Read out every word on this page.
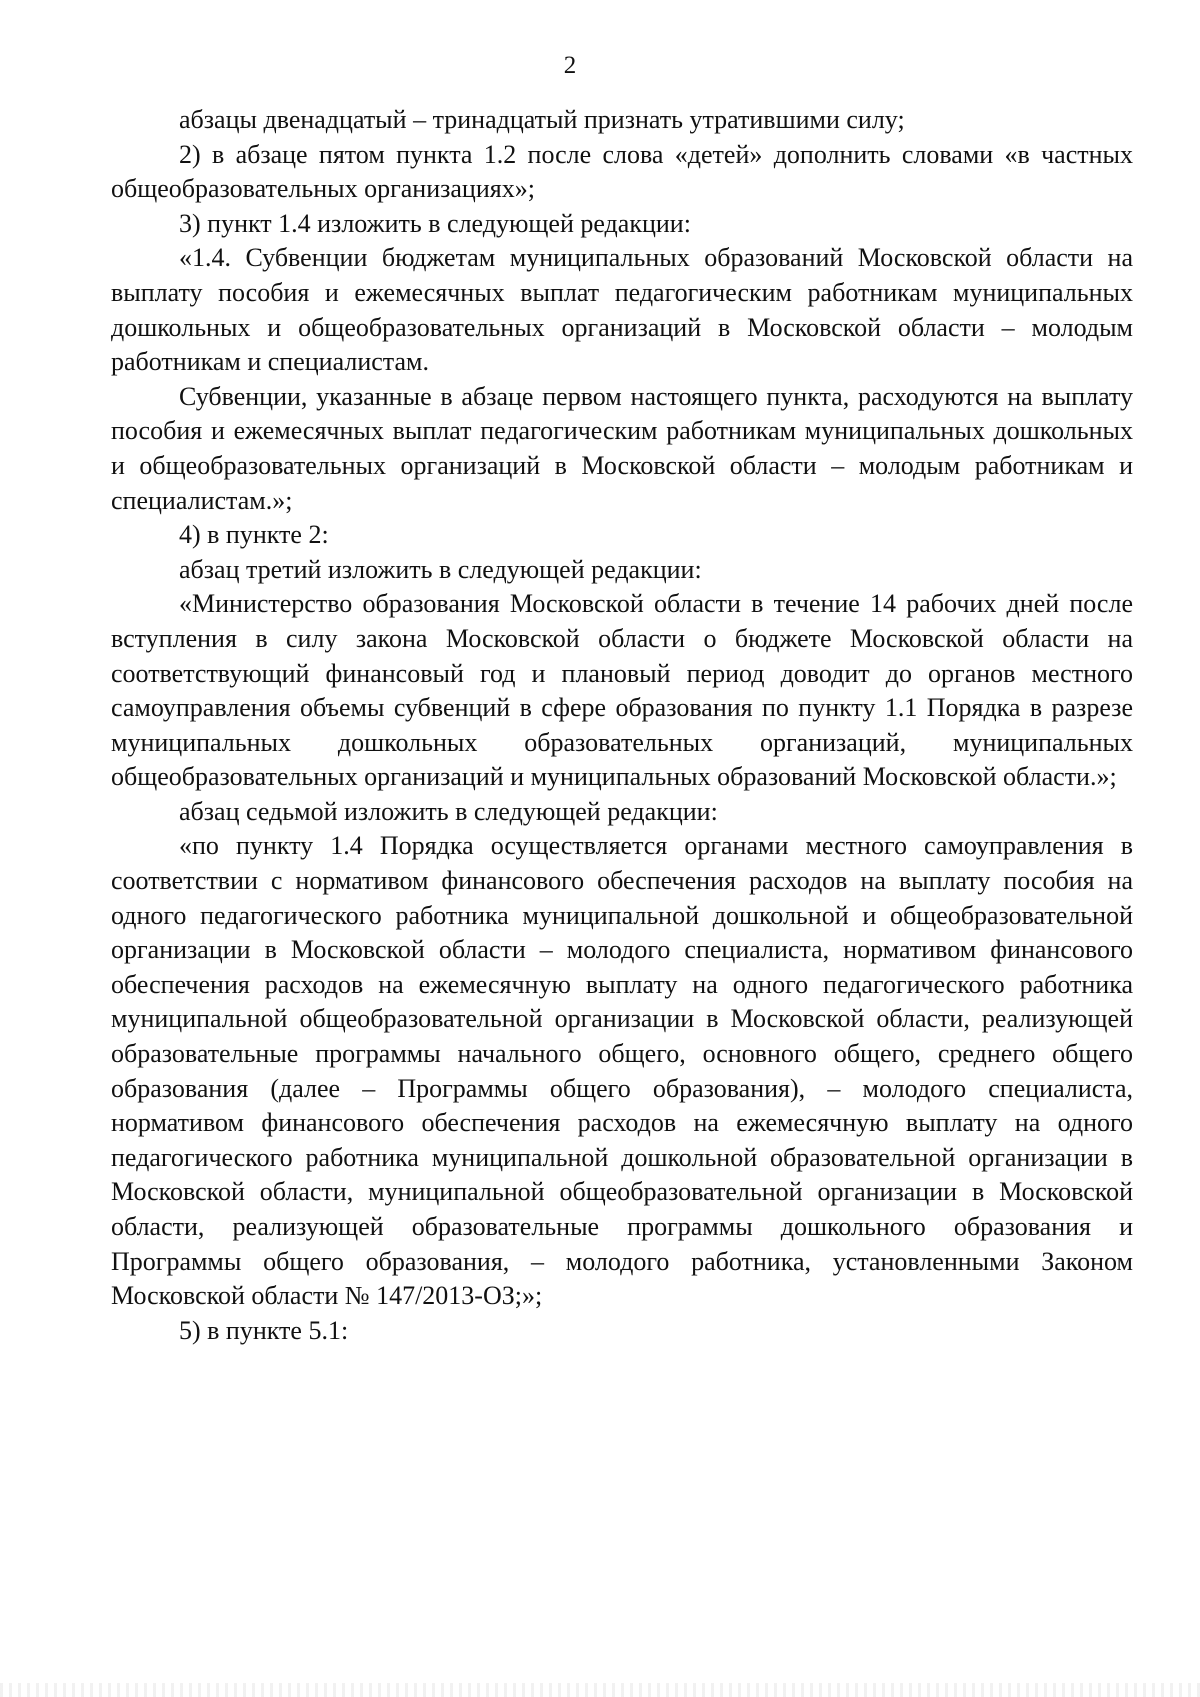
2

абзацы двенадцатый – тринадцатый признать утратившими силу;

2) в абзаце пятом пункта 1.2 после слова «детей» дополнить словами «в частных общеобразовательных организациях»;

3) пункт 1.4 изложить в следующей редакции:

«1.4. Субвенции бюджетам муниципальных образований Московской области на выплату пособия и ежемесячных выплат педагогическим работникам муниципальных дошкольных и общеобразовательных организаций в Московской области – молодым работникам и специалистам.

Субвенции, указанные в абзаце первом настоящего пункта, расходуются на выплату пособия и ежемесячных выплат педагогическим работникам муниципальных дошкольных и общеобразовательных организаций в Московской области – молодым работникам и специалистам.»;

4) в пункте 2:

абзац третий изложить в следующей редакции:

«Министерство образования Московской области в течение 14 рабочих дней после вступления в силу закона Московской области о бюджете Московской области на соответствующий финансовый год и плановый период доводит до органов местного самоуправления объемы субвенций в сфере образования по пункту 1.1 Порядка в разрезе муниципальных дошкольных образовательных организаций, муниципальных общеобразовательных организаций и муниципальных образований Московской области.»;

абзац седьмой изложить в следующей редакции:

«по пункту 1.4 Порядка осуществляется органами местного самоуправления в соответствии с нормативом финансового обеспечения расходов на выплату пособия на одного педагогического работника муниципальной дошкольной и общеобразовательной организации в Московской области – молодого специалиста, нормативом финансового обеспечения расходов на ежемесячную выплату на одного педагогического работника муниципальной общеобразовательной организации в Московской области, реализующей образовательные программы начального общего, основного общего, среднего общего образования (далее – Программы общего образования), – молодого специалиста, нормативом финансового обеспечения расходов на ежемесячную выплату на одного педагогического работника муниципальной дошкольной образовательной организации в Московской области, муниципальной общеобразовательной организации в Московской области, реализующей образовательные программы дошкольного образования и Программы общего образования, – молодого работника, установленными Законом Московской области № 147/2013-ОЗ;»;

5) в пункте 5.1:
